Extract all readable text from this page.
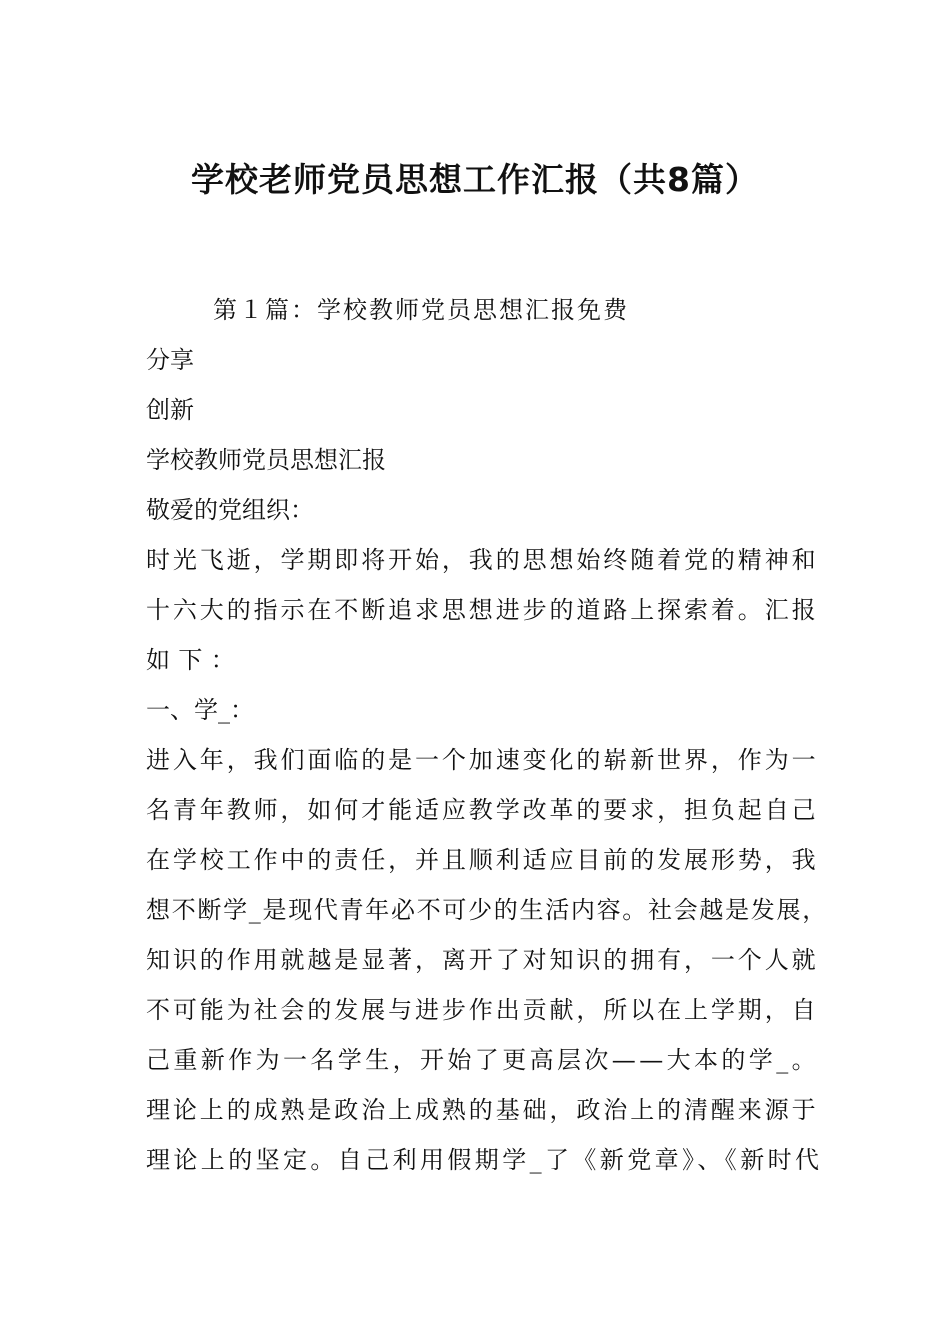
学校老师党员思想工作汇报（共8篇）
第１篇：学校教师党员思想汇报免费
分享
创新
学校教师党员思想汇报
敬爱的党组织：
时光飞逝，学期即将开始，我的思想始终随着党的精神和
十六大的指示在不断追求思想进步的道路上探索着。汇报
如下：
一、学_：
进入年，我们面临的是一个加速变化的崭新世界，作为一
名青年教师，如何才能适应教学改革的要求，担负起自己
在学校工作中的责任，并且顺利适应目前的发展形势，我
想不断学_是现代青年必不可少的生活内容。社会越是发展，
知识的作用就越是显著，离开了对知识的拥有，一个人就
不可能为社会的发展与进步作出贡献，所以在上学期，自
己重新作为一名学生，开始了更高层次——大本的学_。
理论上的成熟是政治上成熟的基础，政治上的清醒来源于
理论上的坚定。自己利用假期学_了《新党章》、《新时代
